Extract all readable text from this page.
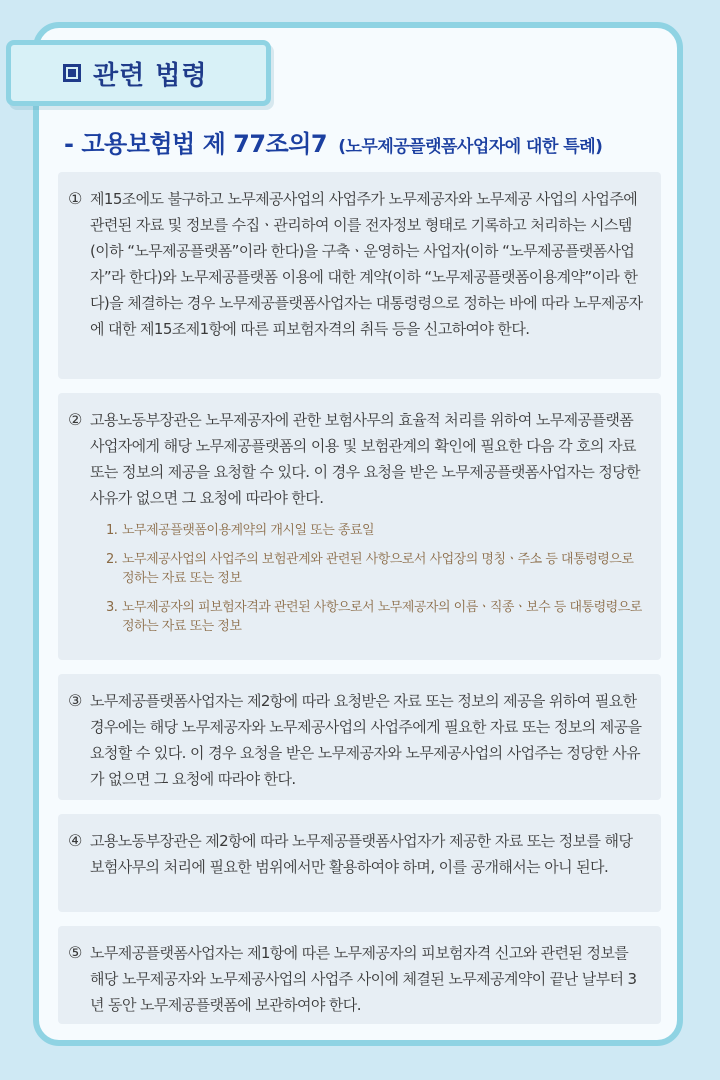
관련 법령
- 고용보험법 제 77조의7 (노무제공플랫폼사업자에 대한 특례)
① 제15조에도 불구하고 노무제공사업의 사업주가 노무제공자와 노무제공 사업의 사업주에 관련된 자료 및 정보를 수집ㆍ관리하여 이를 전자정보 형태로 기록하고 처리하는 시스템(이하 “노무제공플랫폼”이라 한다)을 구축ㆍ운영하는 사업자(이하 “노무제공플랫폼사업자”라 한다)와 노무제공플랫폼 이용에 대한 계약(이하 “노무제공플랫폼이용계약”이라 한다)을 체결하는 경우 노무제공플랫폼사업자는 대통령령으로 정하는 바에 따라 노무제공자에 대한 제15조제1항에 따른 피보험자격의 취득 등을 신고하여야 한다.
② 고용노동부장관은 노무제공자에 관한 보험사무의 효율적 처리를 위하여 노무제공플랫폼사업자에게 해당 노무제공플랫폼의 이용 및 보험관계의 확인에 필요한 다음 각 호의 자료 또는 정보의 제공을 요청할 수 있다. 이 경우 요청을 받은 노무제공플랫폼사업자는 정당한 사유가 없으면 그 요청에 따라야 한다.
1. 노무제공플랫폼이용계약의 개시일 또는 종료일
2. 노무제공사업의 사업주의 보험관계와 관련된 사항으로서 사업장의 명칭ㆍ주소 등 대통령령으로 정하는 자료 또는 정보
3. 노무제공자의 피보험자격과 관련된 사항으로서 노무제공자의 이름ㆍ직종ㆍ보수 등 대통령령으로 정하는 자료 또는 정보
③ 노무제공플랫폼사업자는 제2항에 따라 요청받은 자료 또는 정보의 제공을 위하여 필요한 경우에는 해당 노무제공자와 노무제공사업의 사업주에게 필요한 자료 또는 정보의 제공을 요청할 수 있다. 이 경우 요청을 받은 노무제공자와 노무제공사업의 사업주는 정당한 사유가 없으면 그 요청에 따라야 한다.
④ 고용노동부장관은 제2항에 따라 노무제공플랫폼사업자가 제공한 자료 또는 정보를 해당 보험사무의 처리에 필요한 범위에서만 활용하여야 하며, 이를 공개해서는 아니 된다.
⑤ 노무제공플랫폼사업자는 제1항에 따른 노무제공자의 피보험자격 신고와 관련된 정보를 해당 노무제공자와 노무제공사업의 사업주 사이에 체결된 노무제공계약이 끝난 날부터 3년 동안 노무제공플랫폼에 보관하여야 한다.
